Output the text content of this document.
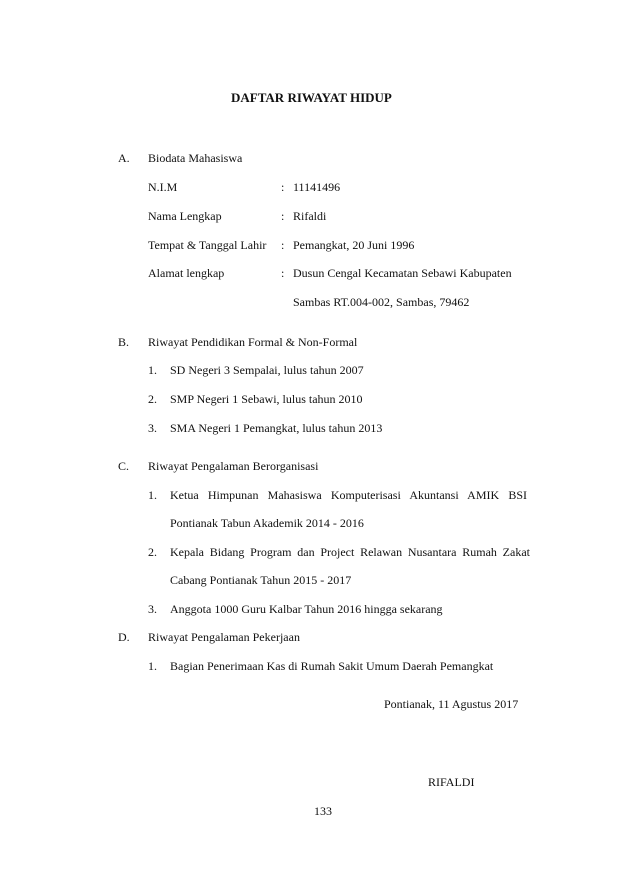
DAFTAR RIWAYAT HIDUP
A. Biodata Mahasiswa
N.I.M	: 11141496
Nama Lengkap	: Rifaldi
Tempat & Tanggal Lahir : Pemangkat, 20 Juni 1996
Alamat lengkap	: Dusun Cengal Kecamatan Sebawi Kabupaten
Sambas RT.004-002, Sambas, 79462
B. Riwayat Pendidikan Formal & Non-Formal
1. SD Negeri 3 Sempalai, lulus tahun 2007
2. SMP Negeri 1 Sebawi, lulus tahun 2010
3. SMA Negeri 1 Pemangkat, lulus tahun 2013
C. Riwayat Pengalaman Berorganisasi
1. Ketua Himpunan Mahasiswa Komputerisasi Akuntansi AMIK BSI
Pontianak Tabun Akademik 2014 - 2016
2. Kepala Bidang Program dan Project Relawan Nusantara Rumah Zakat
Cabang Pontianak Tahun 2015 - 2017
3. Anggota 1000 Guru Kalbar Tahun 2016 hingga sekarang
D. Riwayat Pengalaman Pekerjaan
1. Bagian Penerimaan Kas di Rumah Sakit Umum Daerah Pemangkat
Pontianak, 11 Agustus 2017
RIFALDI
133
